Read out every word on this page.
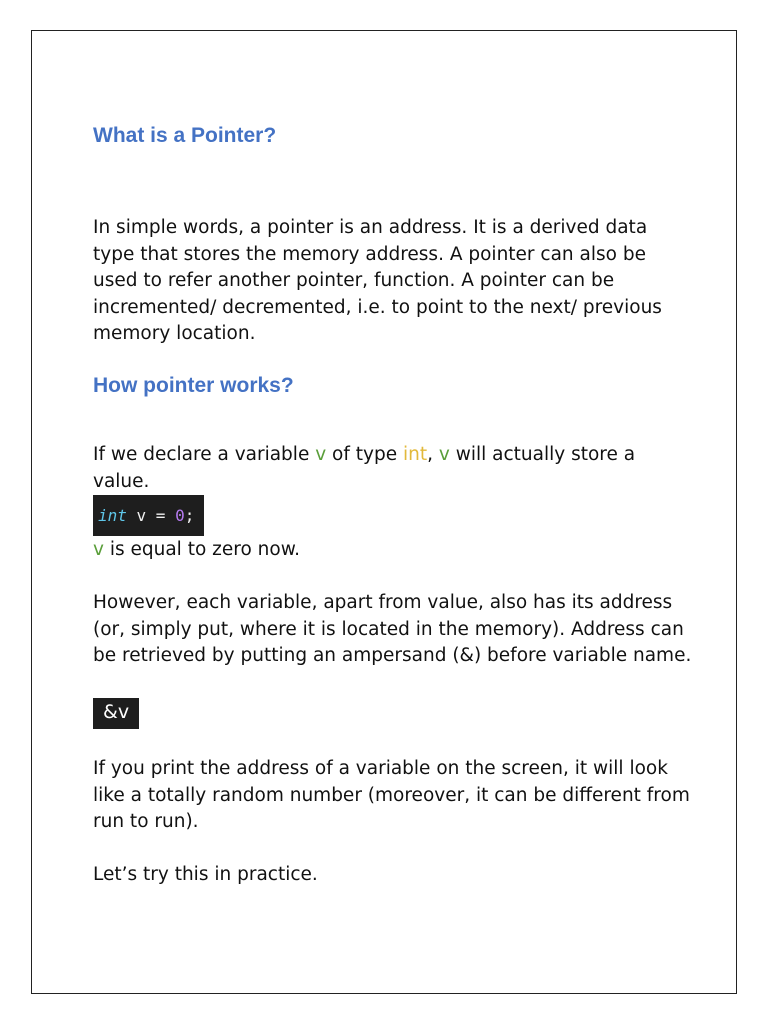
What is a Pointer?

In simple words, a pointer is an address. It is a derived data type that stores the memory address. A pointer can also be used to refer another pointer, function. A pointer can be incremented/ decremented, i.e. to point to the next/ previous memory location.

How pointer works?

If we declare a variable v of type int, v will actually store a value.

int v = 0;

v is equal to zero now.

However, each variable, apart from value, also has its address (or, simply put, where it is located in the memory). Address can be retrieved by putting an ampersand (&) before variable name.

&v

If you print the address of a variable on the screen, it will look like a totally random number (moreover, it can be different from run to run).

Let’s try this in practice.
